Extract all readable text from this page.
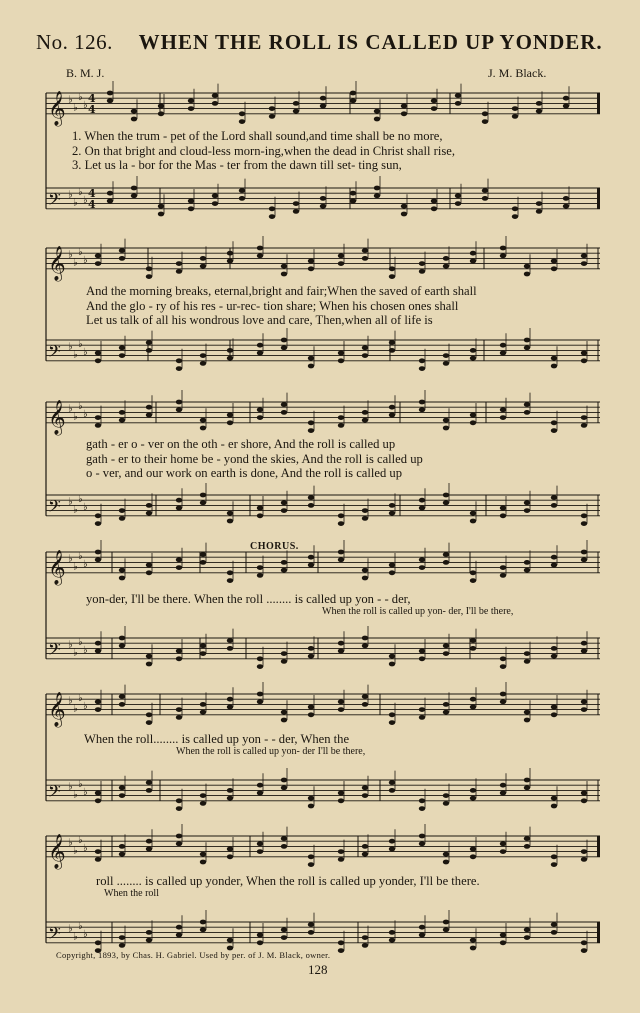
𝄞 ♭
♭
♭
♭
𝄢 ♭
♭
♭
♭
𝄞 ♭
♭
♭
♭
𝄢 ♭
♭
♭
♭
𝄞 ♭
♭
♭
♭
𝄢 ♭
♭
♭
♭
𝄞 ♭
♭
♭
♭
𝄢 ♭
♭
♭
♭
𝄞 ♭
♭
♭
♭
𝄢 ♭
♭
♭
♭
𝄞 ♭
♭
♭
♭
𝄢 ♭
♭
♭
♭
4
4
4
4
No. 126. WHEN THE ROLL IS CALLED UP YONDER.
B. M. J.	J. M. Black.
1. When the trum - pet of the Lord shall sound,and time shall be no more,
2. On that bright and cloud-less morn-ing,when the dead in Christ shall rise,
3. Let us la - bor for the Mas - ter from the dawn till set- ting sun,
And the morning breaks, eternal,bright and fair;When the saved of earth shall
And the glo - ry of his res - ur-rec- tion share; When his chosen ones shall
Let us talk of all his wondrous love and care, Then,when all of life is
gath - er o - ver on the oth - er shore, And the roll is called up
gath - er to their home be - yond the skies, And the roll is called up
o - ver, and our work on earth is done, And the roll is called up
CHORUS.
yon-der, I'll be there. When the roll ........ is called up yon - - der,
When the roll is called up yon- der, I'll be there,
When the roll........ is called up yon - - der, When the
When the roll is called up yon- der I'll be there,
roll ........ is called up yonder, When the roll is called up yonder, I'll be there.
When the roll
Copyright, 1893, by Chas. H. Gabriel. Used by per. of J. M. Black, owner.
128
